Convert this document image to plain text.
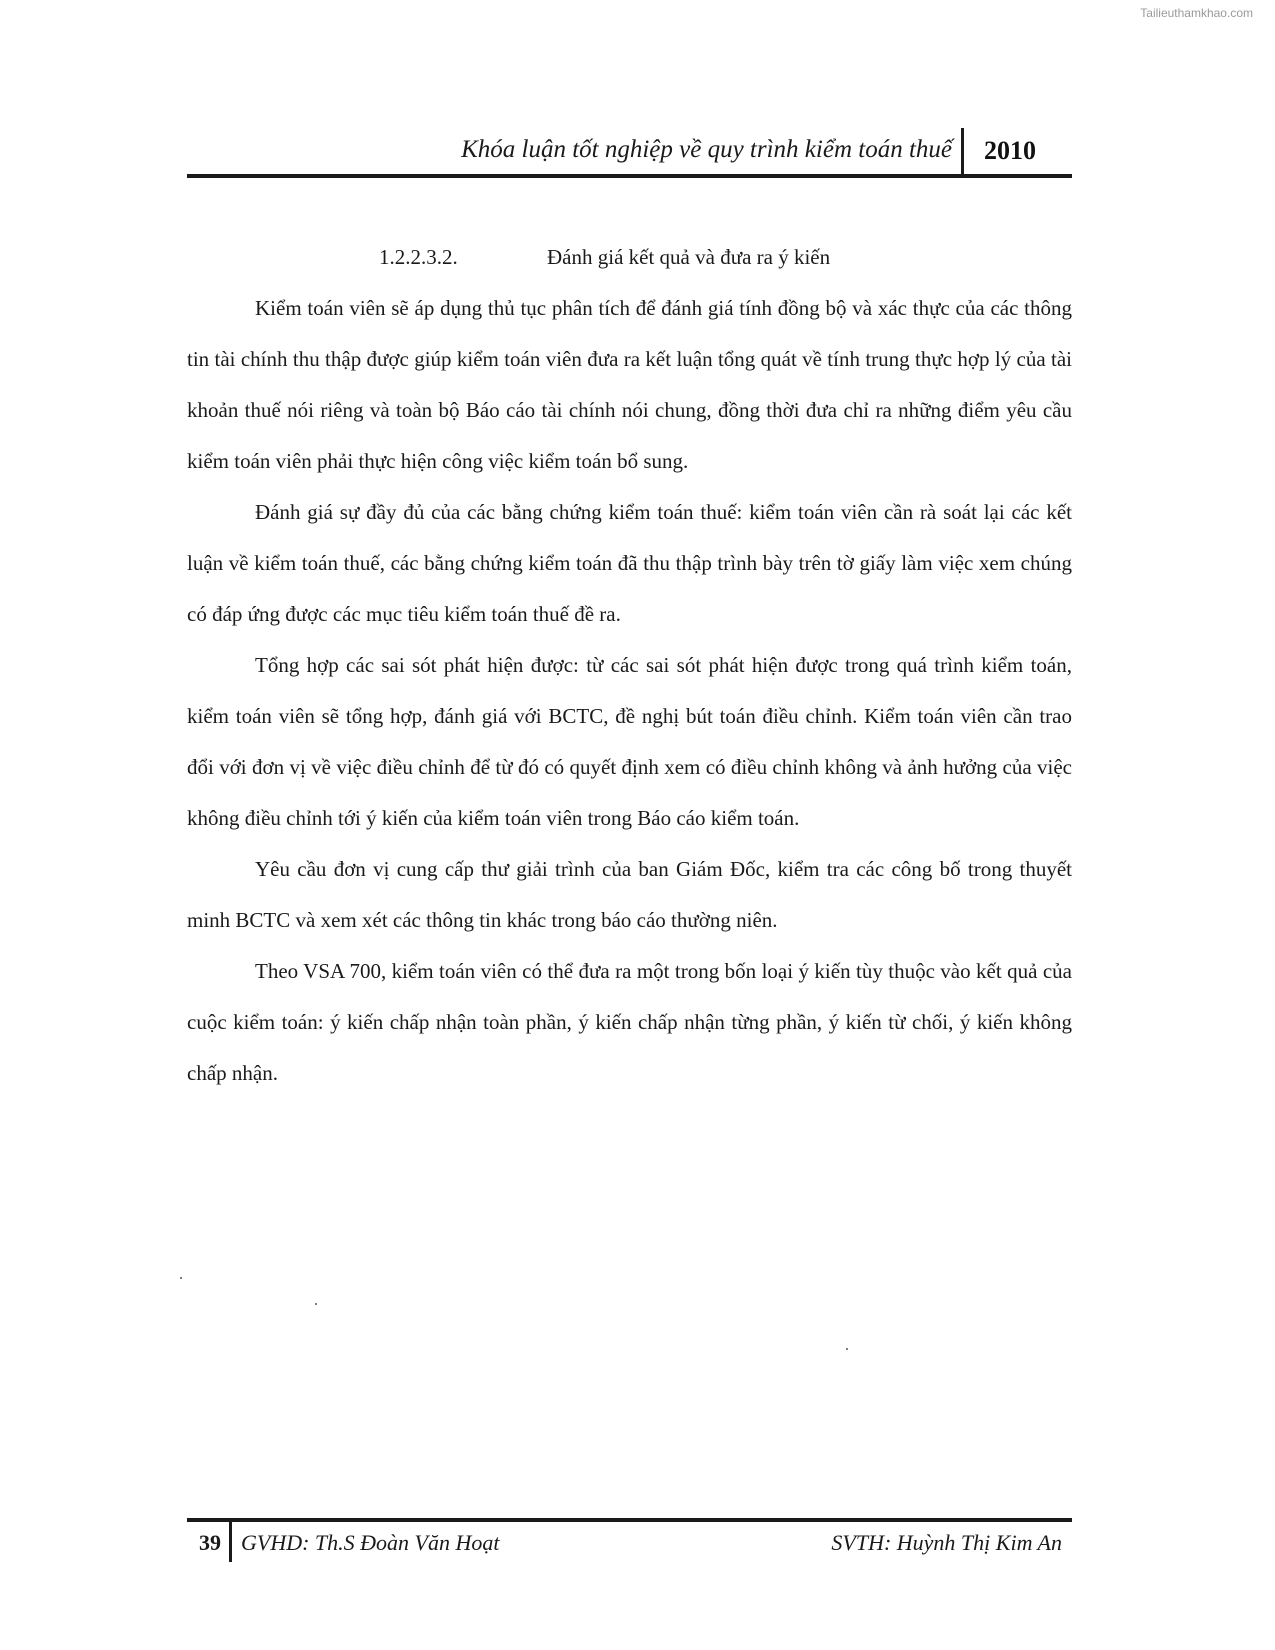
Tailieuthamkhao.com
Khóa luận tốt nghiệp về quy trình kiểm toán thuế 2010

1.2.2.3.2.	Đánh giá kết quả và đưa ra ý kiến

Kiểm toán viên sẽ áp dụng thủ tục phân tích để đánh giá tính đồng bộ và xác thực của các thông tin tài chính thu thập được giúp kiểm toán viên đưa ra kết luận tổng quát về tính trung thực hợp lý của tài khoản thuế nói riêng và toàn bộ Báo cáo tài chính nói chung, đồng thời đưa chỉ ra những điểm yêu cầu kiểm toán viên phải thực hiện công việc kiểm toán bổ sung.

Đánh giá sự đầy đủ của các bằng chứng kiểm toán thuế: kiểm toán viên cần rà soát lại các kết luận về kiểm toán thuế, các bằng chứng kiểm toán đã thu thập trình bày trên tờ giấy làm việc xem chúng có đáp ứng được các mục tiêu kiểm toán thuế đề ra.

Tổng hợp các sai sót phát hiện được: từ các sai sót phát hiện được trong quá trình kiểm toán, kiểm toán viên sẽ tổng hợp, đánh giá với BCTC, đề nghị bút toán điều chỉnh. Kiểm toán viên cần trao đổi với đơn vị về việc điều chỉnh để từ đó có quyết định xem có điều chỉnh không và ảnh hưởng của việc không điều chỉnh tới ý kiến của kiểm toán viên trong Báo cáo kiểm toán.

Yêu cầu đơn vị cung cấp thư giải trình của ban Giám Đốc, kiểm tra các công bố trong thuyết minh BCTC và xem xét các thông tin khác trong báo cáo thường niên.

Theo VSA 700, kiểm toán viên có thể đưa ra một trong bốn loại ý kiến tùy thuộc vào kết quả của cuộc kiểm toán: ý kiến chấp nhận toàn phần, ý kiến chấp nhận từng phần, ý kiến từ chối, ý kiến không chấp nhận.

39 GVHD: Th.S Đoàn Văn Hoạt	SVTH: Huỳnh Thị Kim An
